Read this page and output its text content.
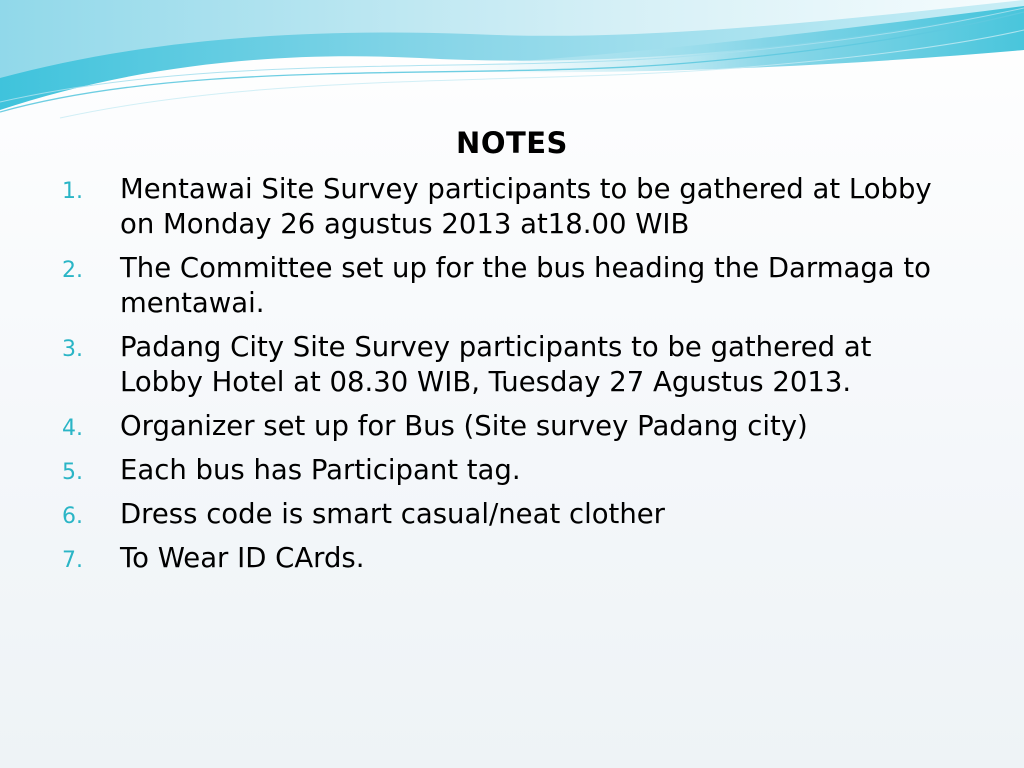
NOTES
1. Mentawai Site Survey participants to be gathered at Lobby on Monday 26 agustus 2013 at18.00 WIB
2. The Committee set up for the bus heading the Darmaga to mentawai.
3. Padang City Site Survey participants to be gathered at Lobby Hotel at 08.30 WIB, Tuesday 27 Agustus 2013.
4. Organizer set up for Bus (Site survey Padang city)
5. Each bus has Participant tag.
6. Dress code is smart casual/neat clother
7. To Wear ID CArds.
